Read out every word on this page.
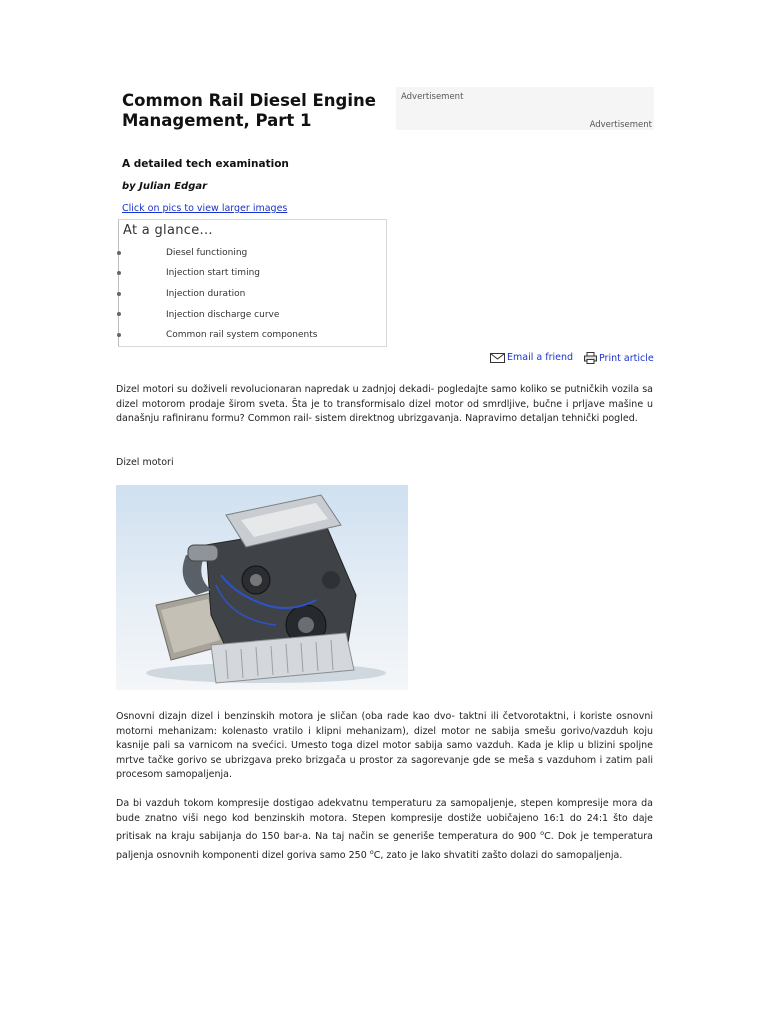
Common Rail Diesel Engine Management, Part 1
A detailed tech examination
by Julian Edgar
Click on pics to view larger images
Advertisement
Advertisement
At a glance...
Diesel functioning
Injection start timing
Injection duration
Injection discharge curve
Common rail system components
Email a friend	Print article

Dizel motori su doživeli revolucionaran napredak u zadnjoj dekadi- pogledajte samo koliko se putničkih vozila sa dizel motorom prodaje širom sveta. Šta je to transformisalo dizel motor od smrdljive, bučne i prljave mašine u današnju rafiniranu formu? Common rail- sistem direktnog ubrizgavanja. Napravimo detaljan tehnički pogled.

Dizel motori

Osnovni dizajn dizel i benzinskih motora je sličan (oba rade kao dvo- taktni ili četvorotaktni, i koriste osnovni motorni mehanizam: kolenasto vratilo i klipni mehanizam), dizel motor ne sabija smešu gorivo/vazduh koju kasnije pali sa varnicom na svećici. Umesto toga dizel motor sabija samo vazduh. Kada je klip u blizini spoljne mrtve tačke gorivo se ubrizgava preko brizgača u prostor za sagorevanje gde se meša s vazduhom i zatim pali procesom samopaljenja.

Da bi vazduh tokom kompresije dostigao adekvatnu temperaturu za samopaljenje, stepen kompresije mora da bude znatno viši nego kod benzinskih motora. Stepen kompresije dostiže uobičajeno 16:1 do 24:1 što daje pritisak na kraju sabijanja do 150 bar-a. Na taj način se generiše temperatura do 900 $^o$C. Dok je temperatura paljenja osnovnih komponenti dizel goriva samo 250 $^o$C, zato je lako shvatiti zašto dolazi do samopaljenja.
